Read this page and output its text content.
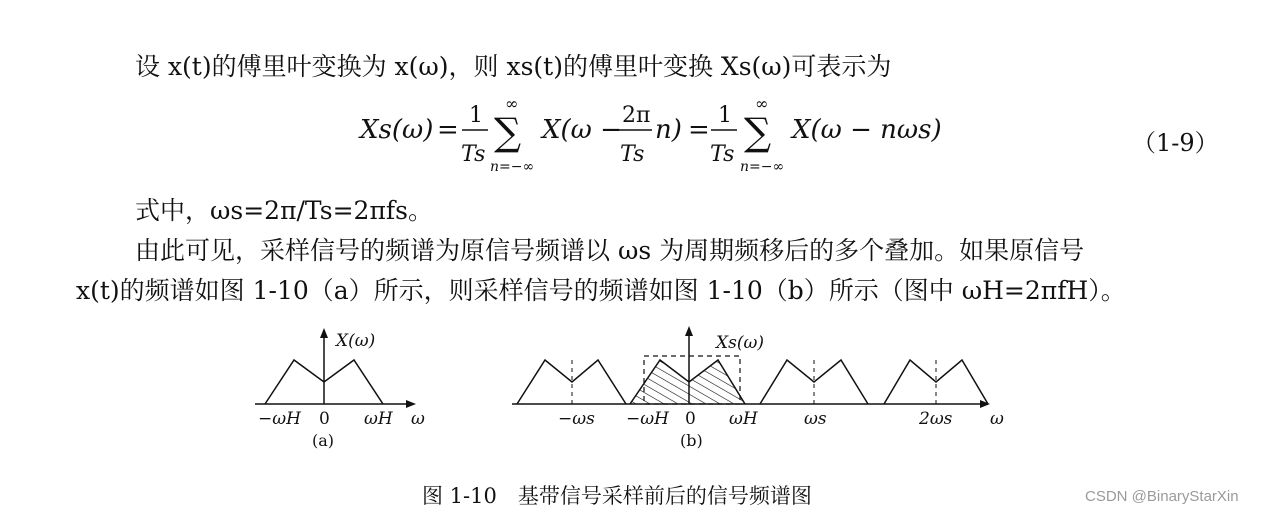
设 x(t)的傅里叶变换为 x(ω)，则 xs(t)的傅里叶变换 Xs(ω)可表示为
Xs(ω) = 1
Ts
∞
∑
n=−∞
X(ω − 2π
Ts
n) = 1
Ts
∞
∑
n=−∞
X(ω − nωs)	（1-9）
式中，ωs=2π/Ts=2πfs。
由此可见，采样信号的频谱为原信号频谱以 ωs 为周期频移后的多个叠加。如果原信号
x(t)的频谱如图 1-10（a）所示，则采样信号的频谱如图 1-10（b）所示（图中 ωH=2πfH）。
X(ω)
−ωH 0 ωH ω
(a)
Xs(ω)
−ωs −ωH 0 ωH	ωs	2ωs ω
(b)
图 1-10　基带信号采样前后的信号频谱图	CSDN @BinaryStarXin
